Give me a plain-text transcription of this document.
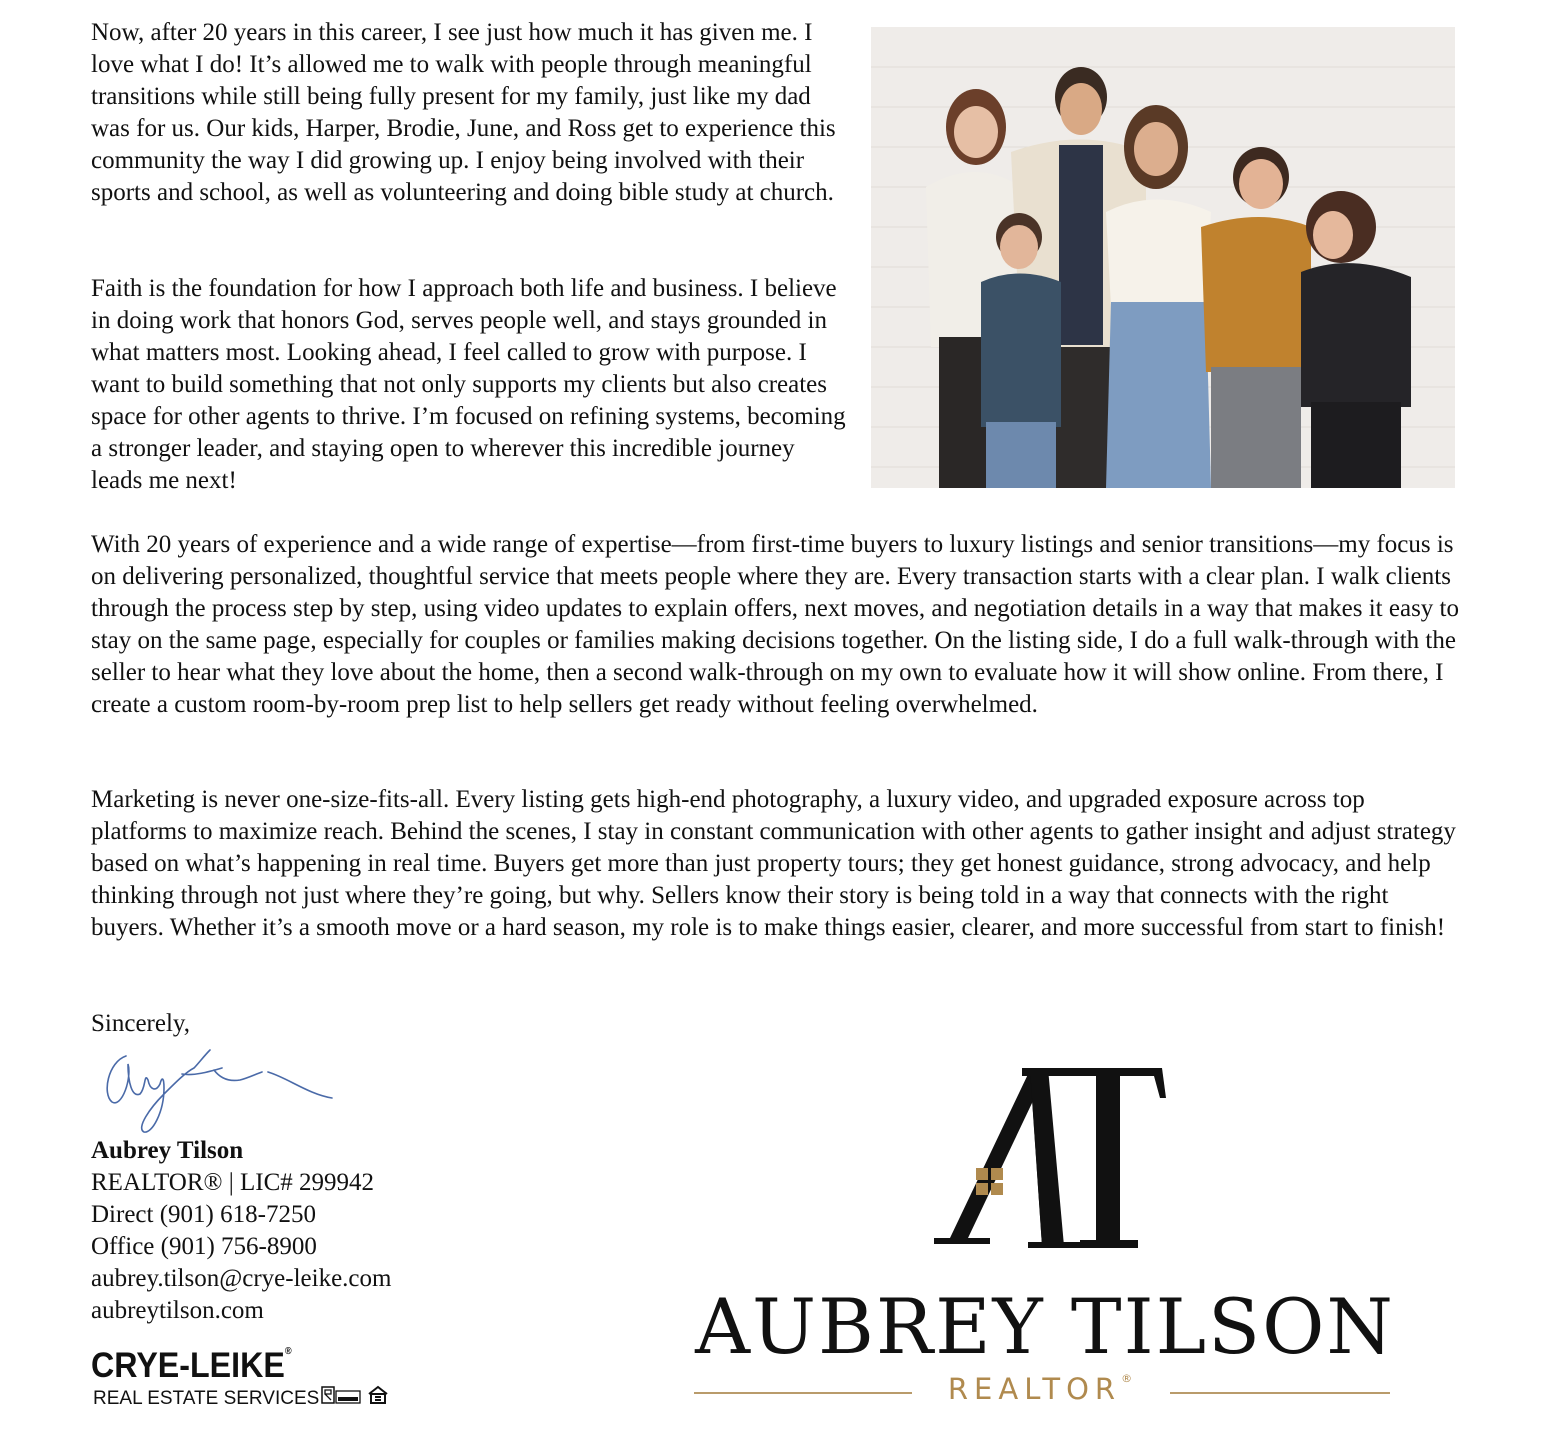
Now, after 20 years in this career, I see just how much it has given me. I love what I do! It’s allowed me to walk with people through meaningful transitions while still being fully present for my family, just like my dad was for us. Our kids, Harper, Brodie, June, and Ross get to experience this community the way I did growing up. I enjoy being involved with their sports and school, as well as volunteering and doing bible study at church.

Faith is the foundation for how I approach both life and business. I believe in doing work that honors God, serves people well, and stays grounded in what matters most. Looking ahead, I feel called to grow with purpose. I want to build something that not only supports my clients but also creates space for other agents to thrive. I’m focused on refining systems, becoming a stronger leader, and staying open to wherever this incredible journey leads me next!

With 20 years of experience and a wide range of expertise—from first-time buyers to luxury listings and senior transitions—my focus is on delivering personalized, thoughtful service that meets people where they are. Every transaction starts with a clear plan. I walk clients through the process step by step, using video updates to explain offers, next moves, and negotiation details in a way that makes it easy to stay on the same page, especially for couples or families making decisions together. On the listing side, I do a full walk-through with the seller to hear what they love about the home, then a second walk-through on my own to evaluate how it will show online. From there, I create a custom room-by-room prep list to help sellers get ready without feeling overwhelmed.

Marketing is never one-size-fits-all. Every listing gets high-end photography, a luxury video, and upgraded exposure across top platforms to maximize reach. Behind the scenes, I stay in constant communication with other agents to gather insight and adjust strategy based on what’s happening in real time. Buyers get more than just property tours; they get honest guidance, strong advocacy, and help thinking through not just where they’re going, but why. Sellers know their story is being told in a way that connects with the right buyers. Whether it’s a smooth move or a hard season, my role is to make things easier, clearer, and more successful from start to finish!

Sincerely,
Aubrey Tilson
REALTOR® | LIC# 299942
Direct (901) 618-7250
Office (901) 756-8900
aubrey.tilson@crye-leike.com
aubreytilson.com
CRYE-LEIKE®
REAL ESTATE SERVICES
AUBREY TILSON
REALTOR®
